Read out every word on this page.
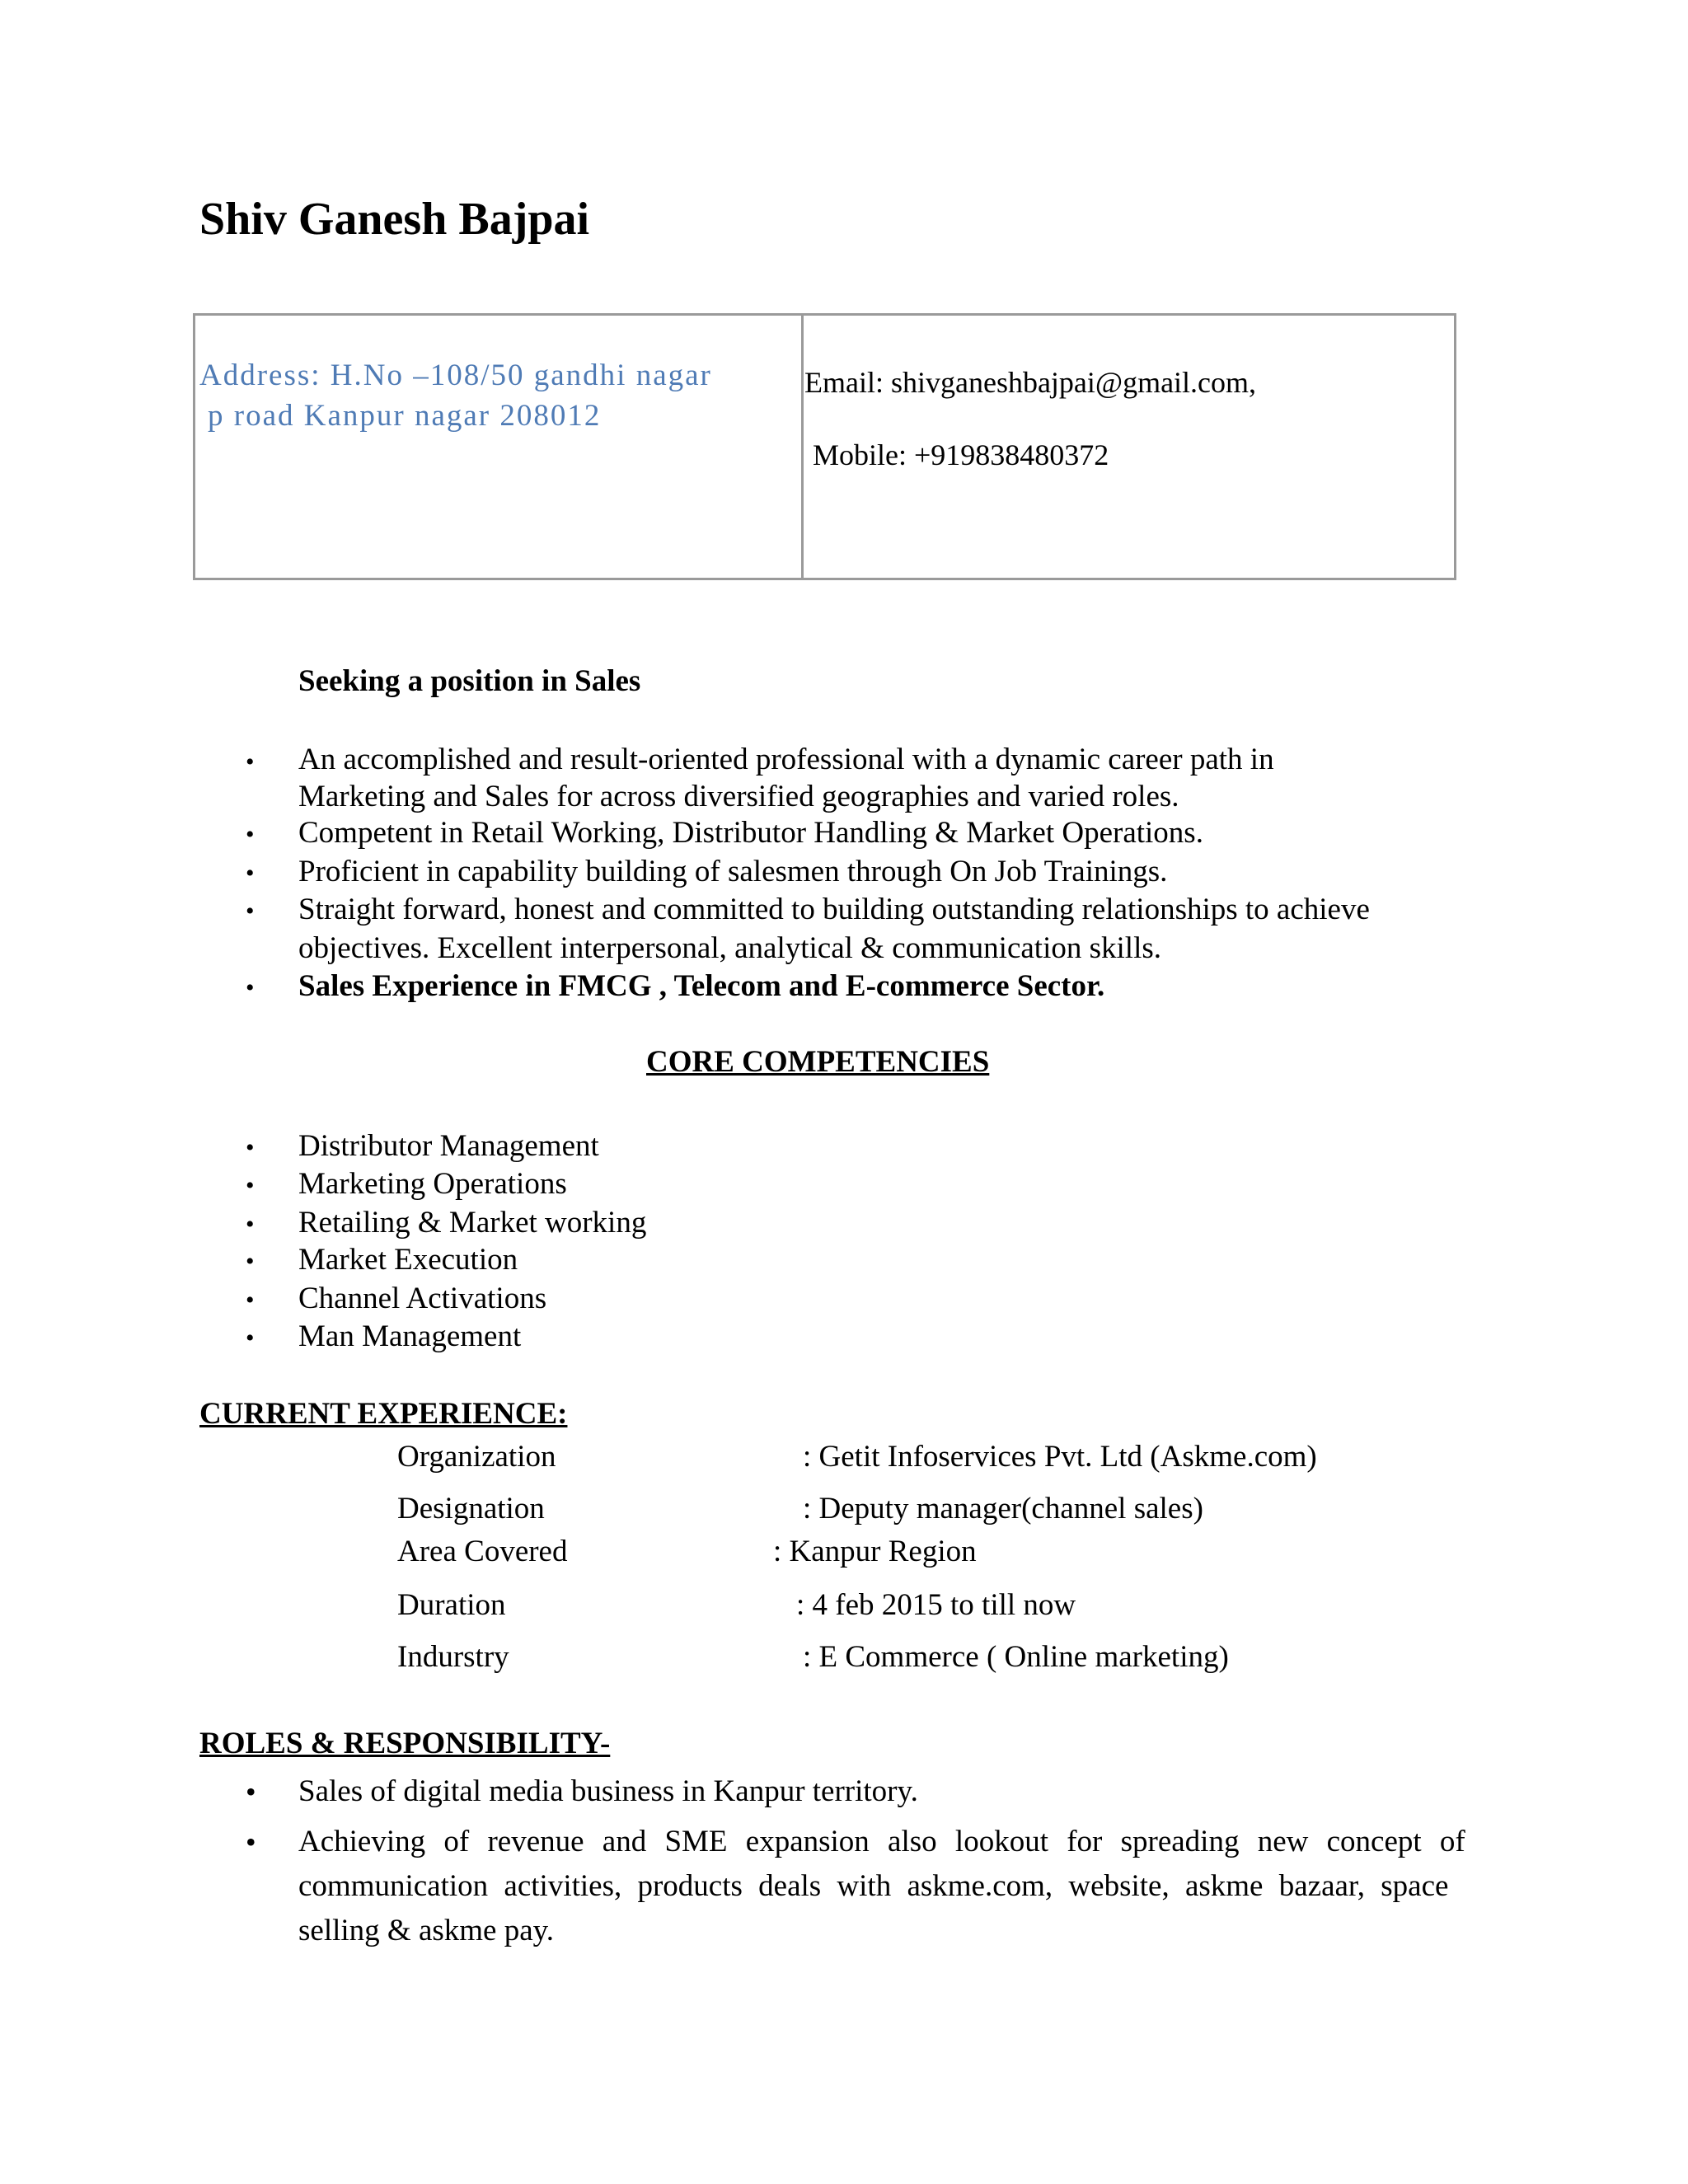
Shiv Ganesh Bajpai
Address: H.No –108/50 gandhi nagar
p road Kanpur nagar 208012
Email: shivganeshbajpai@gmail.com,
Mobile: +919838480372
Seeking a position in Sales
• An accomplished and result-oriented professional with a dynamic career path in
Marketing and Sales for across diversified geographies and varied roles.
• Competent in Retail Working, Distributor Handling & Market Operations.
• Proficient in capability building of salesmen through On Job Trainings.
• Straight forward, honest and committed to building outstanding relationships to achieve
objectives. Excellent interpersonal, analytical & communication skills.
• Sales Experience in FMCG , Telecom and E-commerce Sector.
CORE COMPETENCIES
• Distributor Management
• Marketing Operations
• Retailing & Market working
• Market Execution
• Channel Activations
• Man Management
CURRENT EXPERIENCE:
Organization	: Getit Infoservices Pvt. Ltd (Askme.com)
Designation	: Deputy manager(channel sales)
Area Covered	: Kanpur Region
Duration	: 4 feb 2015 to till now
Indurstry	: E Commerce ( Online marketing)
ROLES & RESPONSIBILITY-
• Sales of digital media business in Kanpur territory.
• Achieving of revenue and SME expansion also lookout for spreading new concept of
communication activities, products deals with askme.com, website, askme bazaar, space
selling & askme pay.
